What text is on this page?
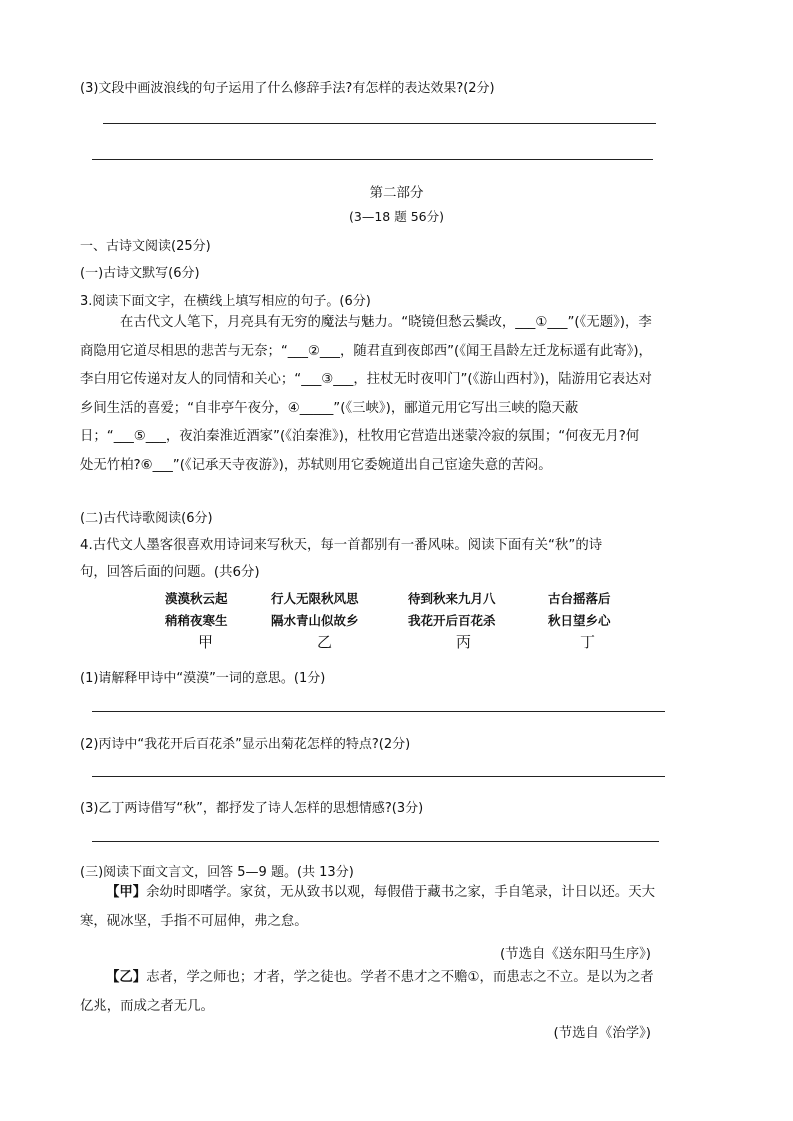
(3)文段中画波浪线的句子运用了什么修辞手法?有怎样的表达效果?(2分)
第二部分
(3—18 题 56分)
一、古诗文阅读(25分)
(一)古诗文默写(6分)
3.阅读下面文字，在横线上填写相应的句子。(6分)
在古代文人笔下，月亮具有无穷的魔法与魅力。“晓镜但愁云鬓改，___①___”(《无题》)，李商隐用它道尽相思的悲苦与无奈；“___②___，随君直到夜郎西”(《闻王昌龄左迁龙标遥有此寄》)，李白用它传递对友人的同情和关心；“___③___，拄杖无时夜叩门”(《游山西村》)，陆游用它表达对乡间生活的喜爱；“自非亭午夜分，④_____”(《三峡》)，郦道元用它写出三峡的隐天蔽日；“___⑤___，夜泊秦淮近酒家”(《泊秦淮》)，杜牧用它营造出迷蒙冷寂的氛围；“何夜无月?何处无竹柏?⑥___”(《记承天寺夜游》)，苏轼则用它委婉道出自己宦途失意的苦闷。
(二)古代诗歌阅读(6分)
4.古代文人墨客很喜欢用诗词来写秋天，每一首都别有一番风味。阅读下面有关“秋”的诗
句，回答后面的问题。(共6分)
漠漠秋云起
稍稍夜寒生
甲
行人无限秋风思
隔水青山似故乡
乙
待到秋来九月八
我花开后百花杀
丙
古台摇落后
秋日望乡心
丁
(1)请解释甲诗中“漠漠”一词的意思。(1分)
(2)丙诗中“我花开后百花杀”显示出菊花怎样的特点?(2分)
(3)乙丁两诗借写“秋”，都抒发了诗人怎样的思想情感?(3分)
(三)阅读下面文言文，回答 5—9 题。(共 13分)
【甲】余幼时即嗜学。家贫，无从致书以观，每假借于藏书之家，手自笔录，计日以还。天大寒，砚冰坚，手指不可屈伸，弗之怠。
(节选自《送东阳马生序》)
【乙】志者，学之师也；才者，学之徒也。学者不患才之不赡①，而患志之不立。是以为之者亿兆，而成之者无几。
(节选自《治学》)
